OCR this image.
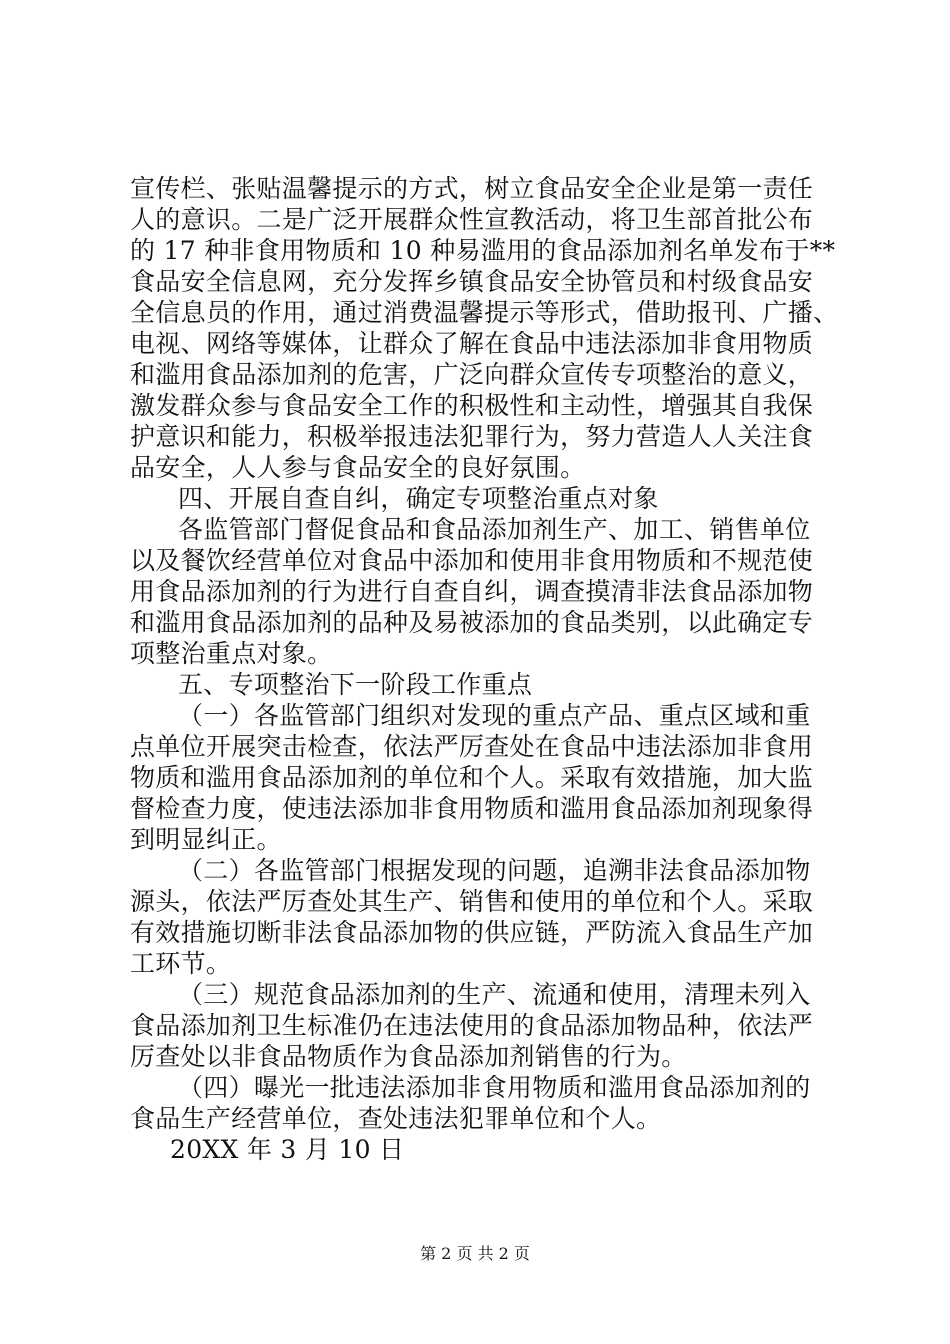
宣传栏、张贴温馨提示的方式，树立食品安全企业是第一责任
人的意识。二是广泛开展群众性宣教活动，将卫生部首批公布
的 17 种非食用物质和 10 种易滥用的食品添加剂名单发布于**
食品安全信息网，充分发挥乡镇食品安全协管员和村级食品安
全信息员的作用，通过消费温馨提示等形式，借助报刊、广播、
电视、网络等媒体，让群众了解在食品中违法添加非食用物质
和滥用食品添加剂的危害，广泛向群众宣传专项整治的意义，
激发群众参与食品安全工作的积极性和主动性，增强其自我保
护意识和能力，积极举报违法犯罪行为，努力营造人人关注食
品安全，人人参与食品安全的良好氛围。
四、开展自查自纠，确定专项整治重点对象
各监管部门督促食品和食品添加剂生产、加工、销售单位
以及餐饮经营单位对食品中添加和使用非食用物质和不规范使
用食品添加剂的行为进行自查自纠，调查摸清非法食品添加物
和滥用食品添加剂的品种及易被添加的食品类别，以此确定专
项整治重点对象。
五、专项整治下一阶段工作重点
（一）各监管部门组织对发现的重点产品、重点区域和重
点单位开展突击检查，依法严厉查处在食品中违法添加非食用
物质和滥用食品添加剂的单位和个人。采取有效措施，加大监
督检查力度，使违法添加非食用物质和滥用食品添加剂现象得
到明显纠正。
（二）各监管部门根据发现的问题，追溯非法食品添加物
源头，依法严厉查处其生产、销售和使用的单位和个人。采取
有效措施切断非法食品添加物的供应链，严防流入食品生产加
工环节。
（三）规范食品添加剂的生产、流通和使用，清理未列入
食品添加剂卫生标准仍在违法使用的食品添加物品种，依法严
厉查处以非食品物质作为食品添加剂销售的行为。
（四）曝光一批违法添加非食用物质和滥用食品添加剂的
食品生产经营单位，查处违法犯罪单位和个人。
20XX 年 3 月 10 日
第 2 页 共 2 页
